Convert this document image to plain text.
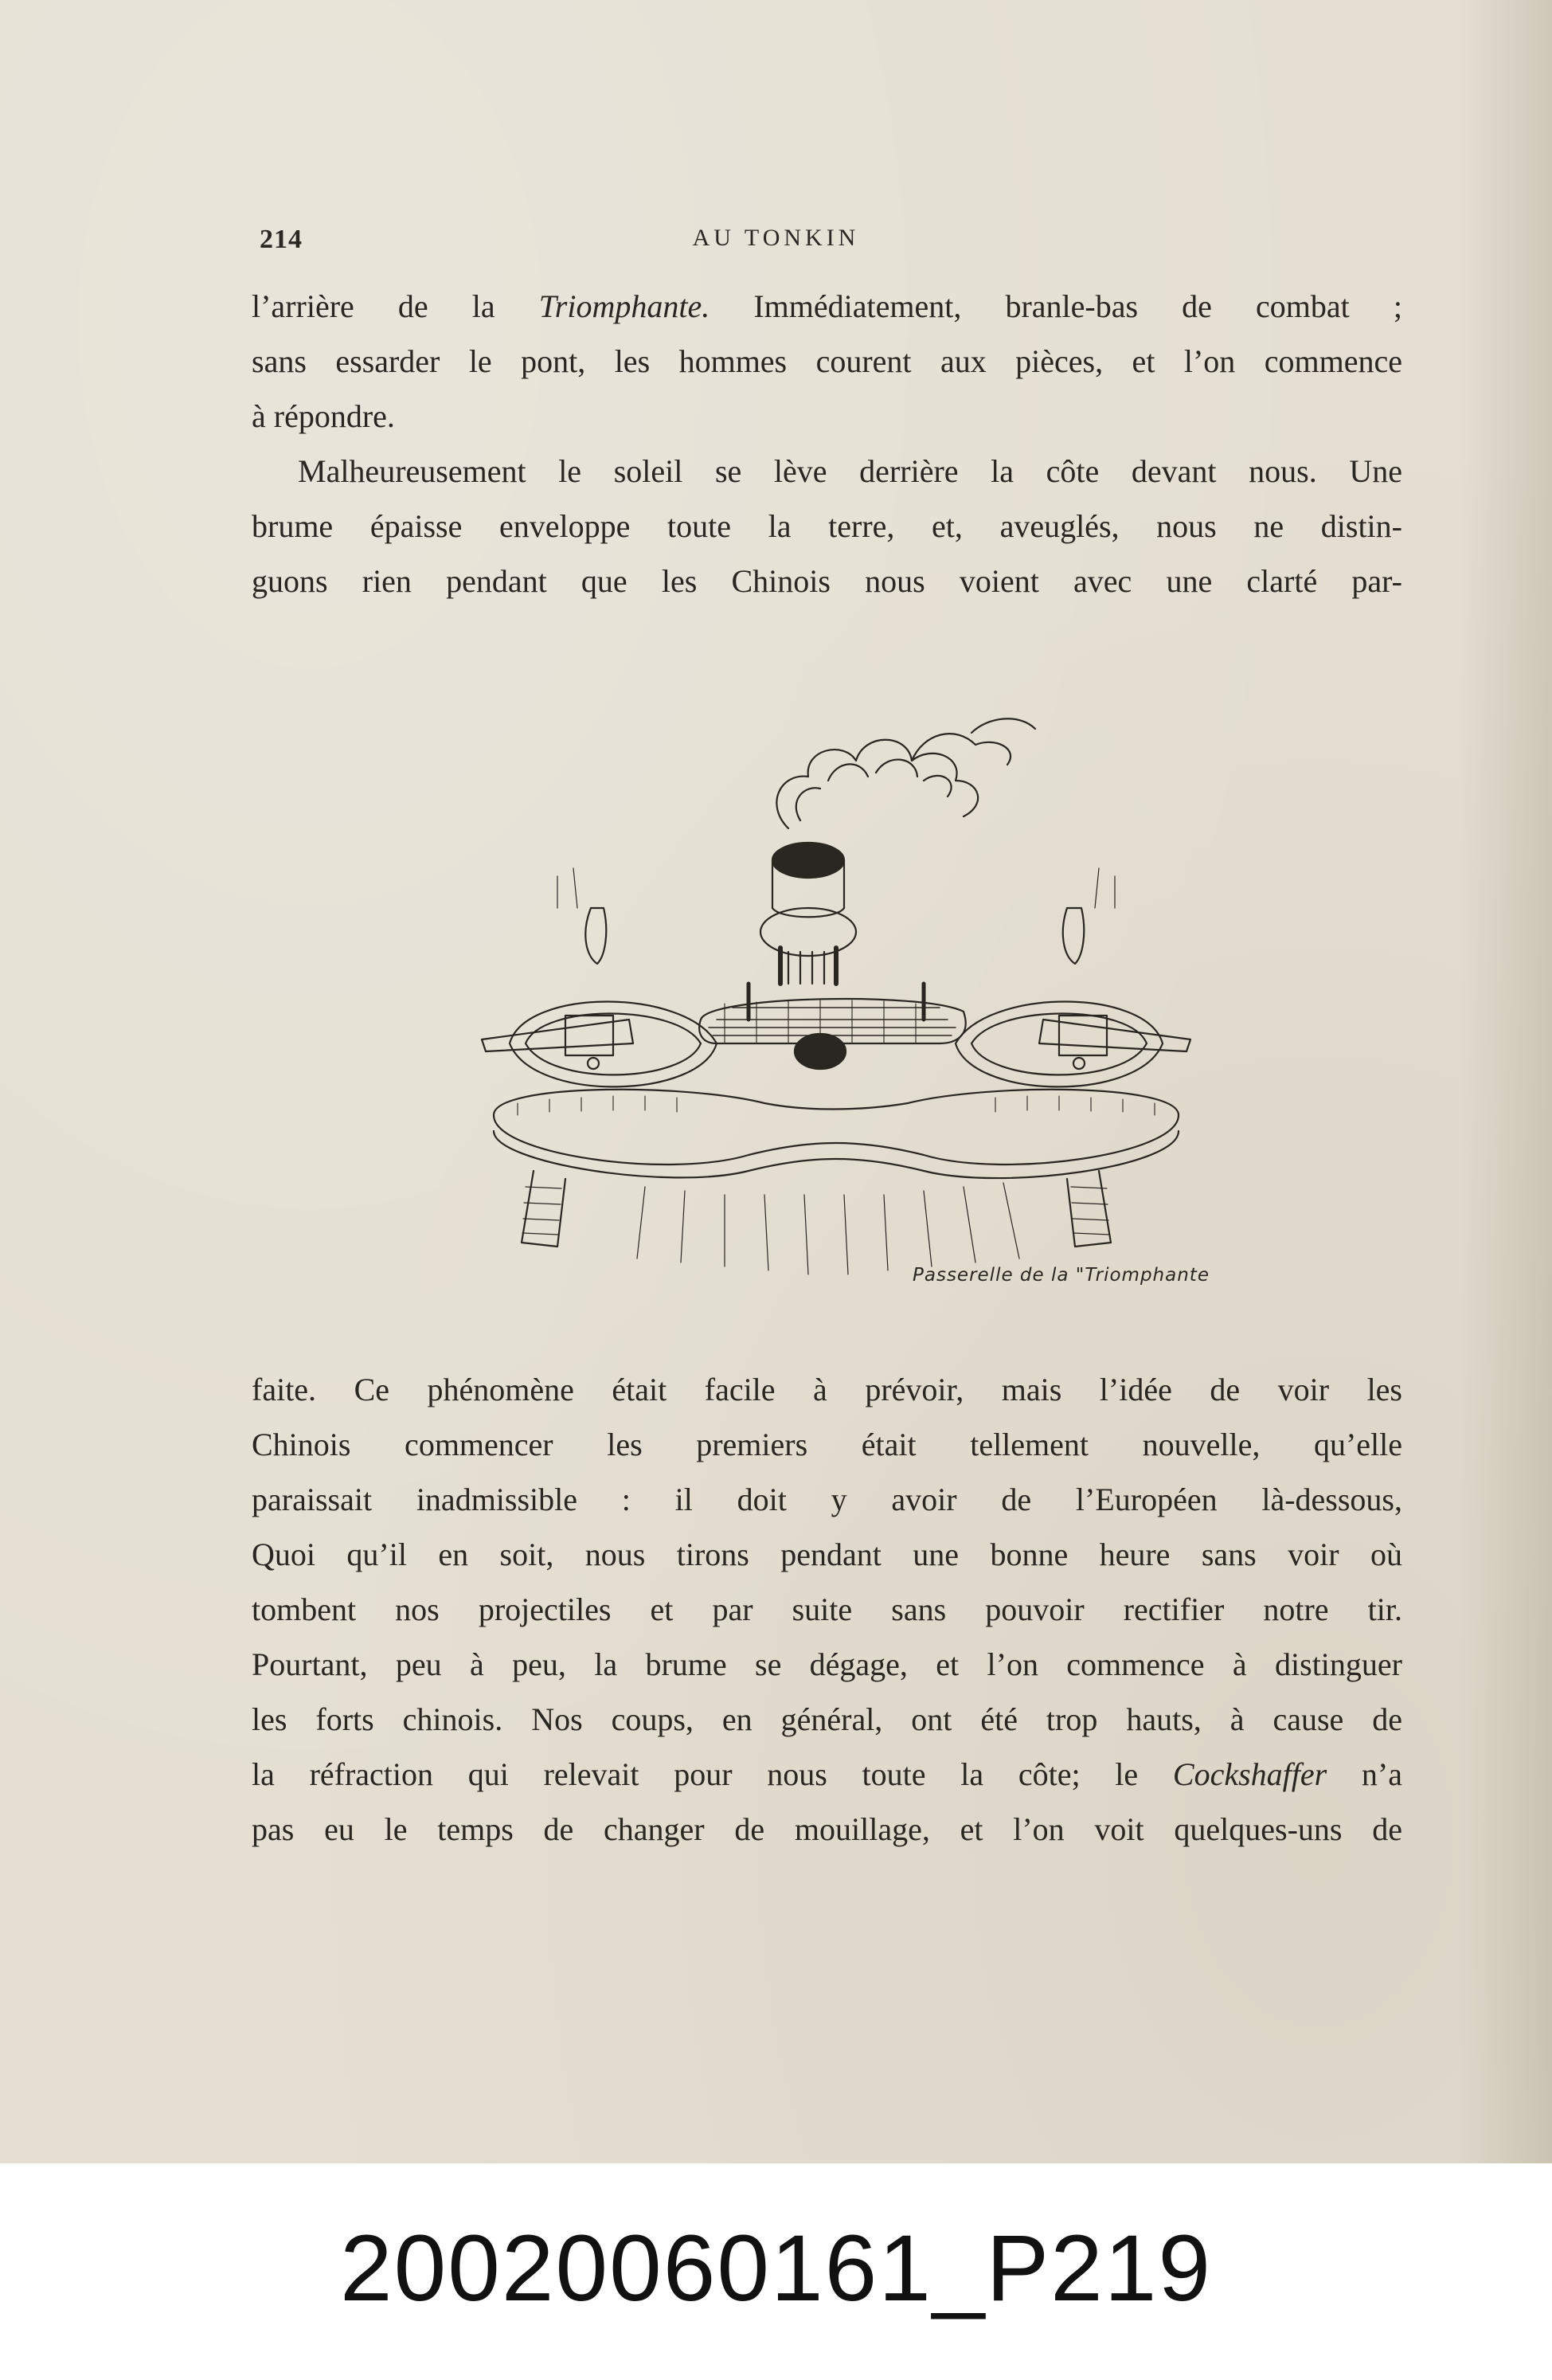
214	AU TONKIN
l’arrière de la Triomphante. Immédiatement, branle-bas de combat ;
sans essarder le pont, les hommes courent aux pièces, et l’on commence
à répondre.
Malheureusement le soleil se lève derrière la côte devant nous. Une
brume épaisse enveloppe toute la terre, et, aveuglés, nous ne distin-
guons rien pendant que les Chinois nous voient avec une clarté par-
Passerelle de la "Triomphante
faite. Ce phénomène était facile à prévoir, mais l’idée de voir les
Chinois commencer les premiers était tellement nouvelle, qu’elle
paraissait inadmissible : il doit y avoir de l’Européen là-dessous,
Quoi qu’il en soit, nous tirons pendant une bonne heure sans voir où
tombent nos projectiles et par suite sans pouvoir rectifier notre tir.
Pourtant, peu à peu, la brume se dégage, et l’on commence à distinguer
les forts chinois. Nos coups, en général, ont été trop hauts, à cause de
la réfraction qui relevait pour nous toute la côte; le Cockshaffer n’a
pas eu le temps de changer de mouillage, et l’on voit quelques-uns de
20020060161_P219
